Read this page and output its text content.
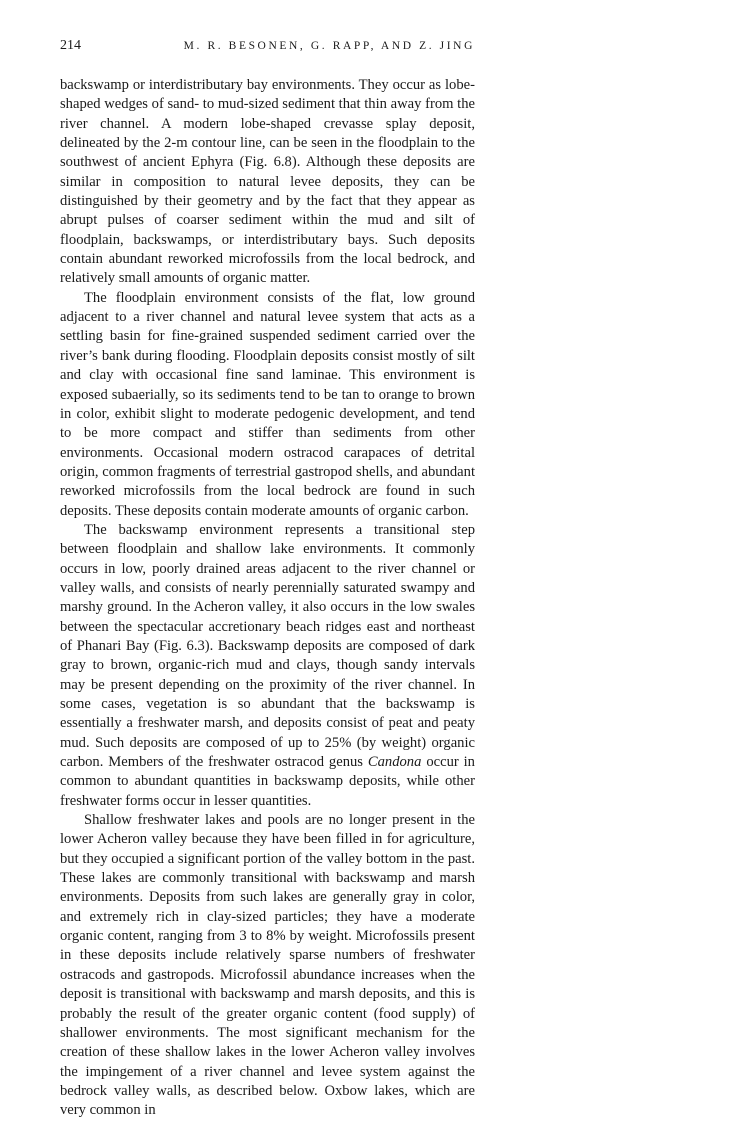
214	M. R. BESONEN, G. RAPP, AND Z. JING

backswamp or interdistributary bay environments. They occur as lobe-shaped wedges of sand- to mud-sized sediment that thin away from the river channel. A modern lobe-shaped crevasse splay deposit, delineated by the 2-m contour line, can be seen in the floodplain to the southwest of ancient Ephyra (Fig. 6.8). Although these deposits are similar in composition to natural levee deposits, they can be distinguished by their geometry and by the fact that they appear as abrupt pulses of coarser sediment within the mud and silt of floodplain, backswamps, or interdistributary bays. Such deposits contain abundant reworked microfossils from the local bedrock, and relatively small amounts of organic matter.

The floodplain environment consists of the flat, low ground adjacent to a river channel and natural levee system that acts as a settling basin for fine-grained suspended sediment carried over the river’s bank during flooding. Floodplain deposits consist mostly of silt and clay with occasional fine sand laminae. This environment is exposed subaerially, so its sediments tend to be tan to orange to brown in color, exhibit slight to moderate pedogenic development, and tend to be more compact and stiffer than sediments from other environments. Occasional modern ostracod carapaces of detrital origin, common fragments of terrestrial gastropod shells, and abundant reworked microfossils from the local bedrock are found in such deposits. These deposits contain moderate amounts of organic carbon.

The backswamp environment represents a transitional step between floodplain and shallow lake environments. It commonly occurs in low, poorly drained areas adjacent to the river channel or valley walls, and consists of nearly perennially saturated swampy and marshy ground. In the Acheron valley, it also occurs in the low swales between the spectacular accretionary beach ridges east and northeast of Phanari Bay (Fig. 6.3). Backswamp deposits are composed of dark gray to brown, organic-rich mud and clays, though sandy intervals may be present depending on the proximity of the river channel. In some cases, vegetation is so abundant that the backswamp is essentially a freshwater marsh, and deposits consist of peat and peaty mud. Such deposits are composed of up to 25% (by weight) organic carbon. Members of the freshwater ostracod genus Candona occur in common to abundant quantities in backswamp deposits, while other freshwater forms occur in lesser quantities.

Shallow freshwater lakes and pools are no longer present in the lower Acheron valley because they have been filled in for agriculture, but they occupied a significant portion of the valley bottom in the past. These lakes are commonly transitional with backswamp and marsh environments. Deposits from such lakes are generally gray in color, and extremely rich in clay-sized particles; they have a moderate organic content, ranging from 3 to 8% by weight. Microfossils present in these deposits include relatively sparse numbers of freshwater ostracods and gastropods. Microfossil abundance increases when the deposit is transitional with backswamp and marsh deposits, and this is probably the result of the greater organic content (food supply) of shallower environments. The most significant mechanism for the creation of these shallow lakes in the lower Acheron valley involves the impingement of a river channel and levee system against the bedrock valley walls, as described below. Oxbow lakes, which are very common in
